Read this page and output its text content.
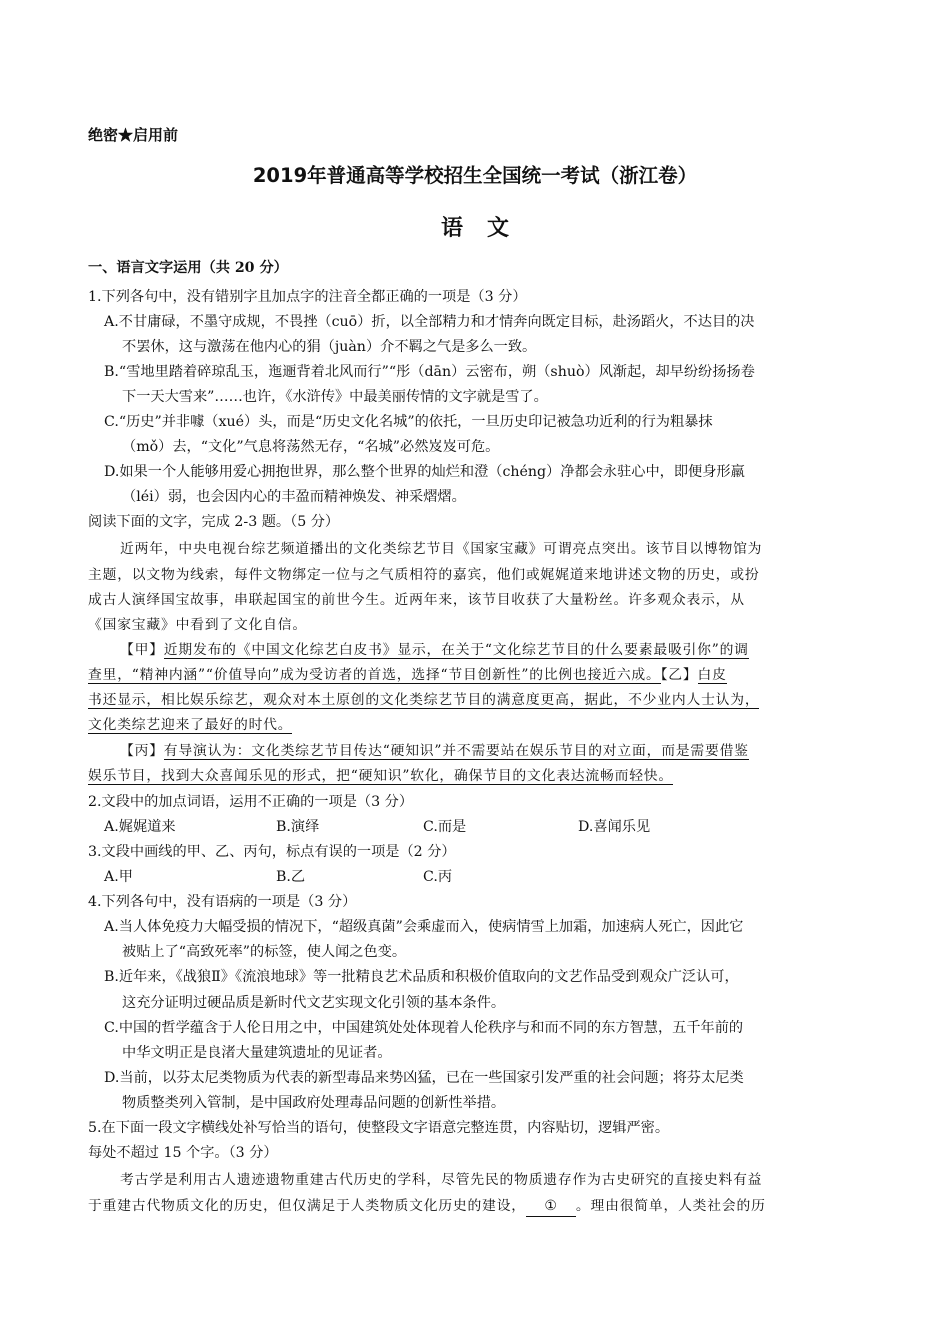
绝密★启用前
2019年普通高等学校招生全国统一考试（浙江卷）
语文
一、语言文字运用（共 20 分）
1.下列各句中，没有错别字且加点字的注音全都正确的一项是（3 分）
A.不甘庸碌，不墨守成规，不畏挫（cuō）折，以全部精力和才情奔向既定目标，赴汤蹈火，不达目的决
不罢休，这与激荡在他内心的狷（juàn）介不羁之气是多么一致。
B.“雪地里踏着碎琼乱玉，迤逦背着北风而行”“彤（dān）云密布，朔（shuò）风渐起，却早纷纷扬扬卷
下一天大雪来”……也许，《水浒传》中最美丽传情的文字就是雪了。
C.“历史”并非噱（xué）头，而是“历史文化名城”的依托，一旦历史印记被急功近利的行为粗暴抹
（mǒ）去，“文化”气息将荡然无存，“名城”必然岌岌可危。
D.如果一个人能够用爱心拥抱世界，那么整个世界的灿烂和澄（chéng）净都会永驻心中，即便身形羸
（léi）弱，也会因内心的丰盈而精神焕发、神采熠熠。
阅读下面的文字，完成 2-3 题。（5 分）
近两年，中央电视台综艺频道播出的文化类综艺节目《国家宝藏》可谓亮点突出。该节目以博物馆为
主题，以文物为线索，每件文物绑定一位与之气质相符的嘉宾，他们或娓娓道来地讲述文物的历史，或扮
成古人演绎国宝故事，串联起国宝的前世今生。近两年来，该节目收获了大量粉丝。许多观众表示，从
《国家宝藏》中看到了文化自信。
【甲】近期发布的《中国文化综艺白皮书》显示，在关于“文化综艺节目的什么要素最吸引你”的调
查里，“精神内涵”“价值导向”成为受访者的首选，选择“节目创新性”的比例也接近六成。【乙】白皮
书还显示，相比娱乐综艺，观众对本土原创的文化类综艺节目的满意度更高，据此，不少业内人士认为，
文化类综艺迎来了最好的时代。
【丙】有导演认为：文化类综艺节目传达“硬知识”并不需要站在娱乐节目的对立面，而是需要借鉴
娱乐节目，找到大众喜闻乐见的形式，把“硬知识”软化，确保节目的文化表达流畅而轻快。
2.文段中的加点词语，运用不正确的一项是（3 分）
A.娓娓道来	B.演绎	C.而是	D.喜闻乐见
3.文段中画线的甲、乙、丙句，标点有误的一项是（2 分）
A.甲	B.乙	C.丙
4.下列各句中，没有语病的一项是（3 分）
A.当人体免疫力大幅受损的情况下，“超级真菌”会乘虚而入，使病情雪上加霜，加速病人死亡，因此它
被贴上了“高致死率”的标签，使人闻之色变。
B.近年来，《战狼Ⅱ》《流浪地球》等一批精良艺术品质和积极价值取向的文艺作品受到观众广泛认可，
这充分证明过硬品质是新时代文艺实现文化引领的基本条件。
C.中国的哲学蕴含于人伦日用之中，中国建筑处处体现着人伦秩序与和而不同的东方智慧，五千年前的
中华文明正是良渚大量建筑遗址的见证者。
D.当前，以芬太尼类物质为代表的新型毒品来势凶猛，已在一些国家引发严重的社会问题；将芬太尼类
物质整类列入管制，是中国政府处理毒品问题的创新性举措。
5.在下面一段文字横线处补写恰当的语句，使整段文字语意完整连贯，内容贴切，逻辑严密。
每处不超过 15 个字。（3 分）
考古学是利用古人遗迹遗物重建古代历史的学科，尽管先民的物质遗存作为古史研究的直接史料有益
于重建古代物质文化的历史，但仅满足于人类物质文化历史的建设， ① 。理由很简单，人类社会的历
